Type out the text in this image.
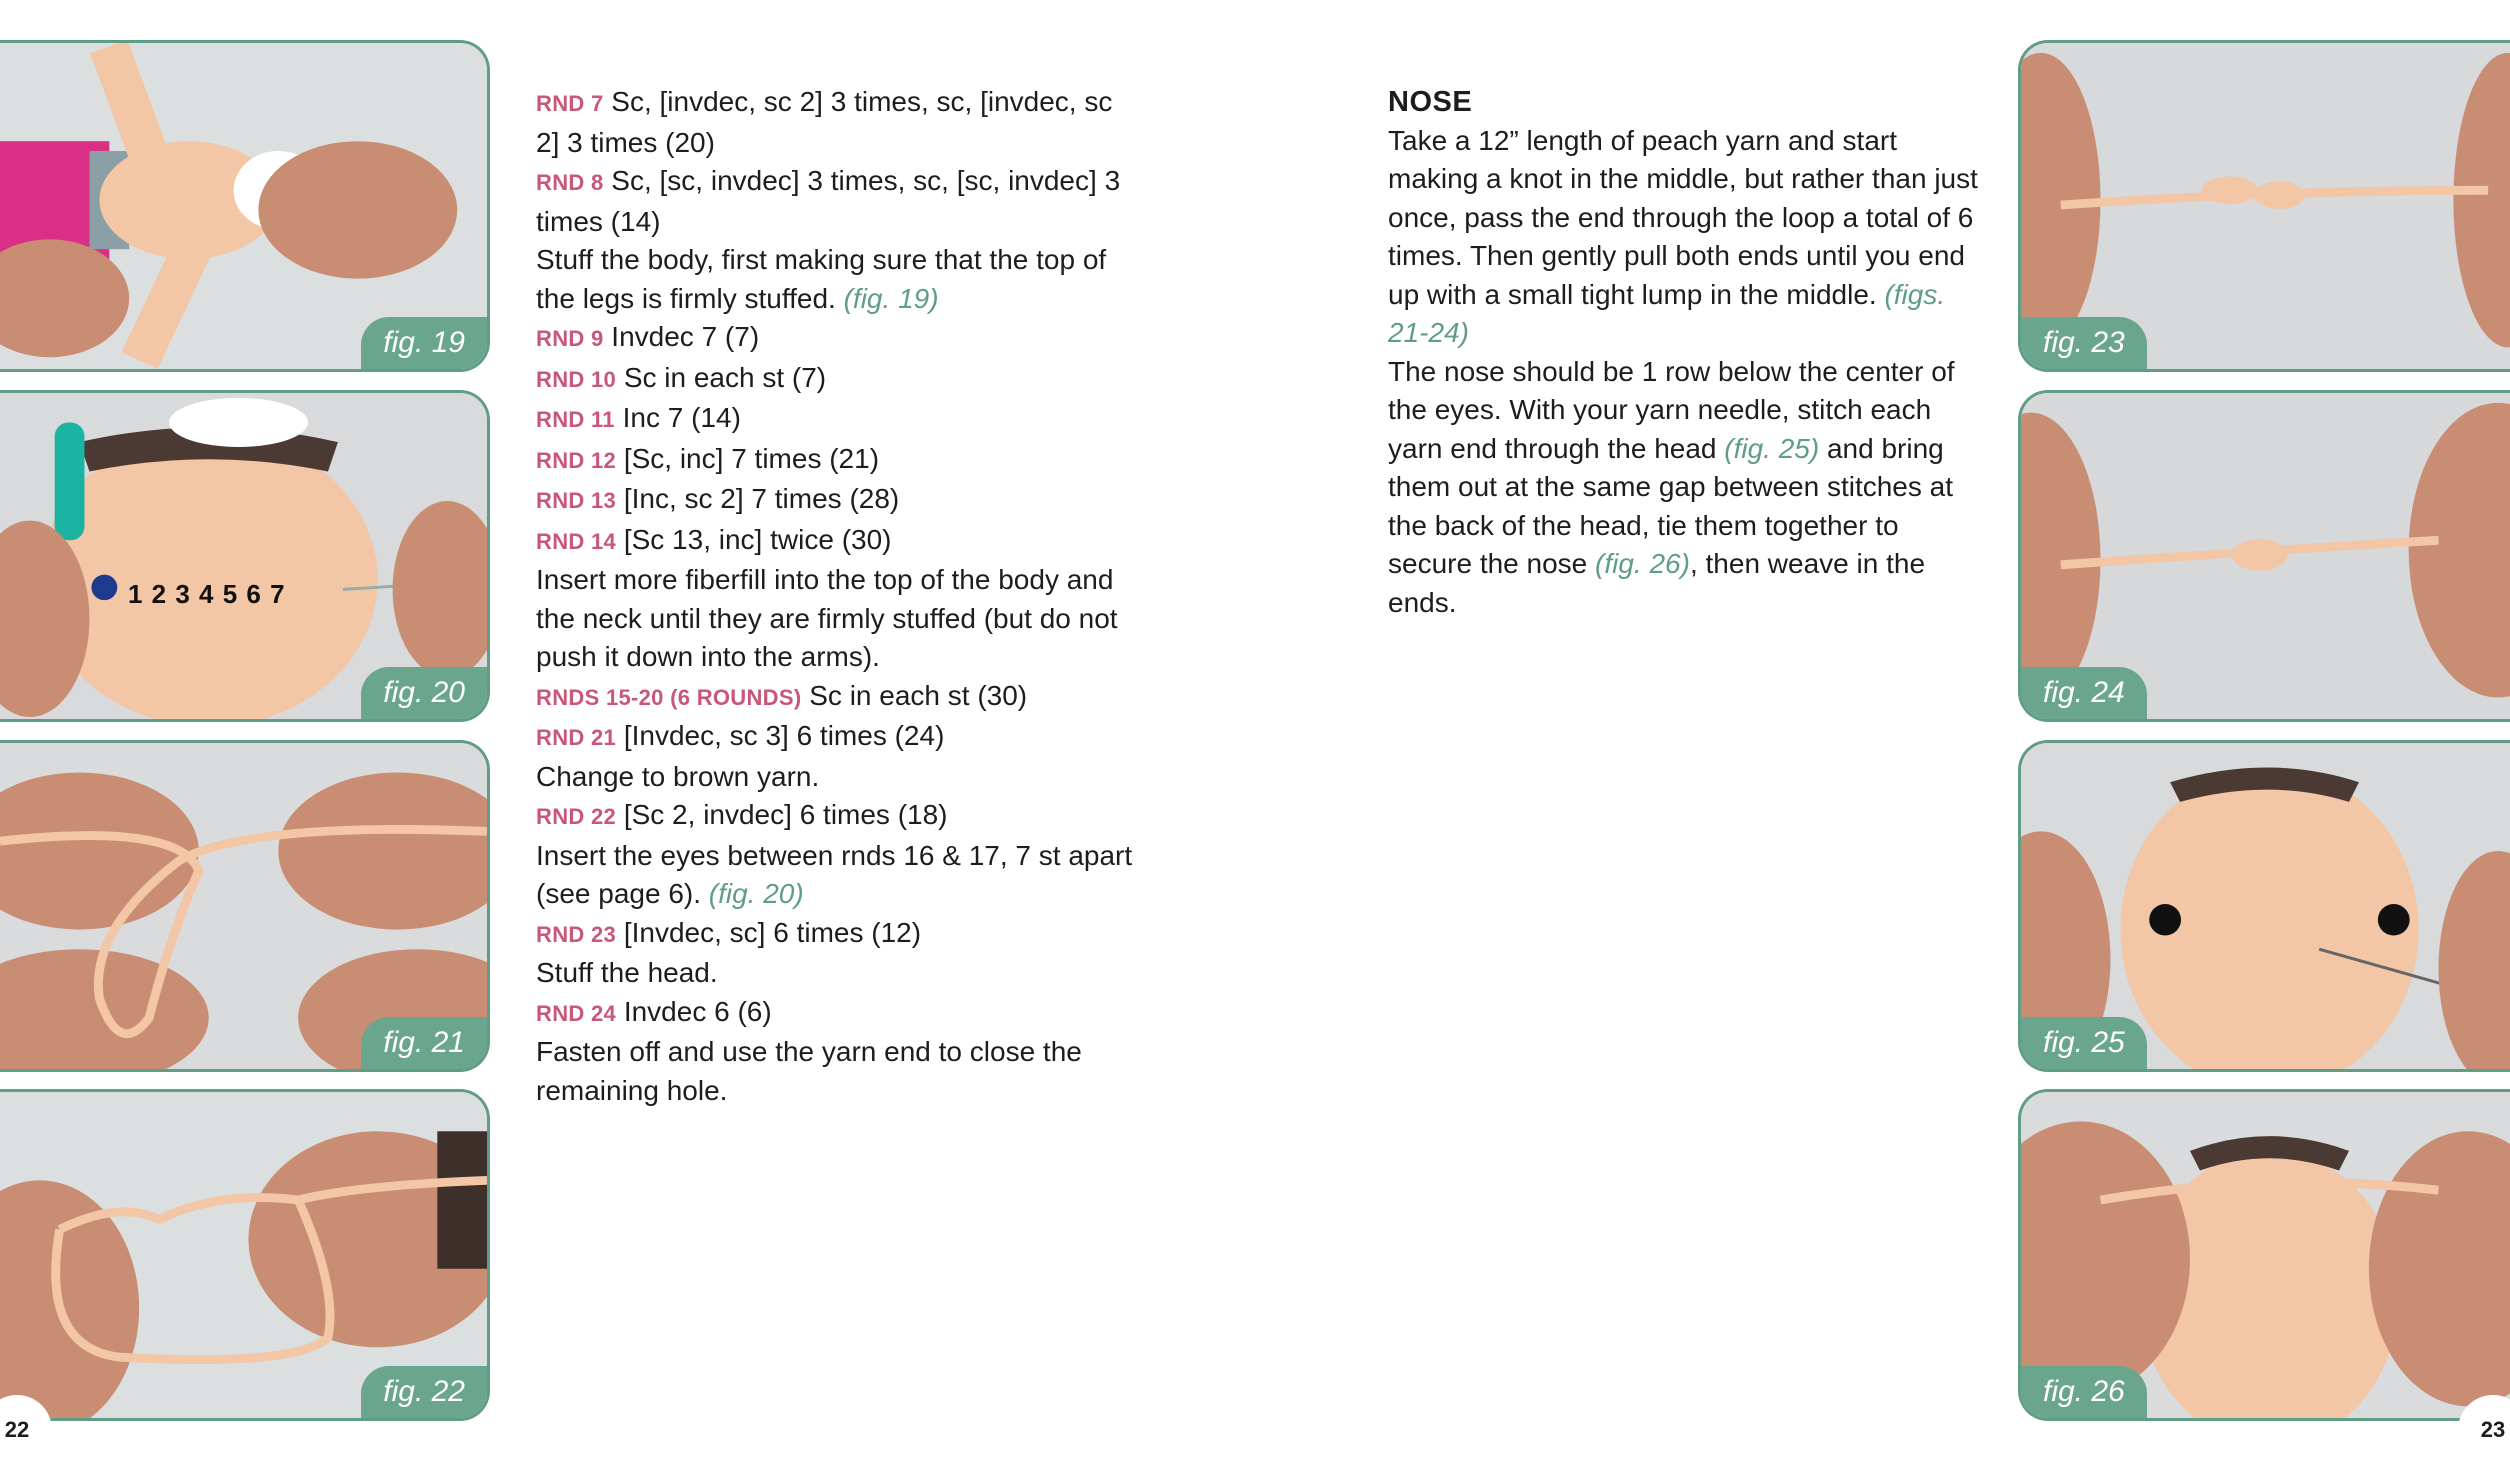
fig. 19
1 2 3 4 5 6 7
fig. 20
fig. 21
fig. 22
fig. 23
fig. 24
fig. 25
fig. 26

RND 7 Sc, [invdec, sc 2] 3 times, sc, [invdec, sc 2] 3 times (20)

RND 8 Sc, [sc, invdec] 3 times, sc, [sc, invdec] 3 times (14)

Stuff the body, first making sure that the top of the legs is firmly stuffed. (fig. 19)

RND 9 Invdec 7 (7)

RND 10 Sc in each st (7)

RND 11 Inc 7 (14)

RND 12 [Sc, inc] 7 times (21)

RND 13 [Inc, sc 2] 7 times (28)

RND 14 [Sc 13, inc] twice (30)

Insert more fiberfill into the top of the body and the neck until they are firmly stuffed (but do not push it down into the arms).

RNDS 15-20 (6 ROUNDS) Sc in each st (30)

RND 21 [Invdec, sc 3] 6 times (24)

Change to brown yarn.

RND 22 [Sc 2, invdec] 6 times (18)

Insert the eyes between rnds 16 & 17, 7 st apart (see page 6). (fig. 20)

RND 23 [Invdec, sc] 6 times (12)

Stuff the head.

RND 24 Invdec 6 (6)

Fasten off and use the yarn end to close the remaining hole.

NOSE

Take a 12” length of peach yarn and start making a knot in the middle, but rather than just once, pass the end through the loop a total of 6 times. Then gently pull both ends until you end up with a small tight lump in the middle. (figs. 21-24)

The nose should be 1 row below the center of the eyes. With your yarn needle, stitch each yarn end through the head (fig. 25) and bring them out at the same gap between stitches at the back of the head, tie them together to secure the nose (fig. 26), then weave in the ends.

22	23
